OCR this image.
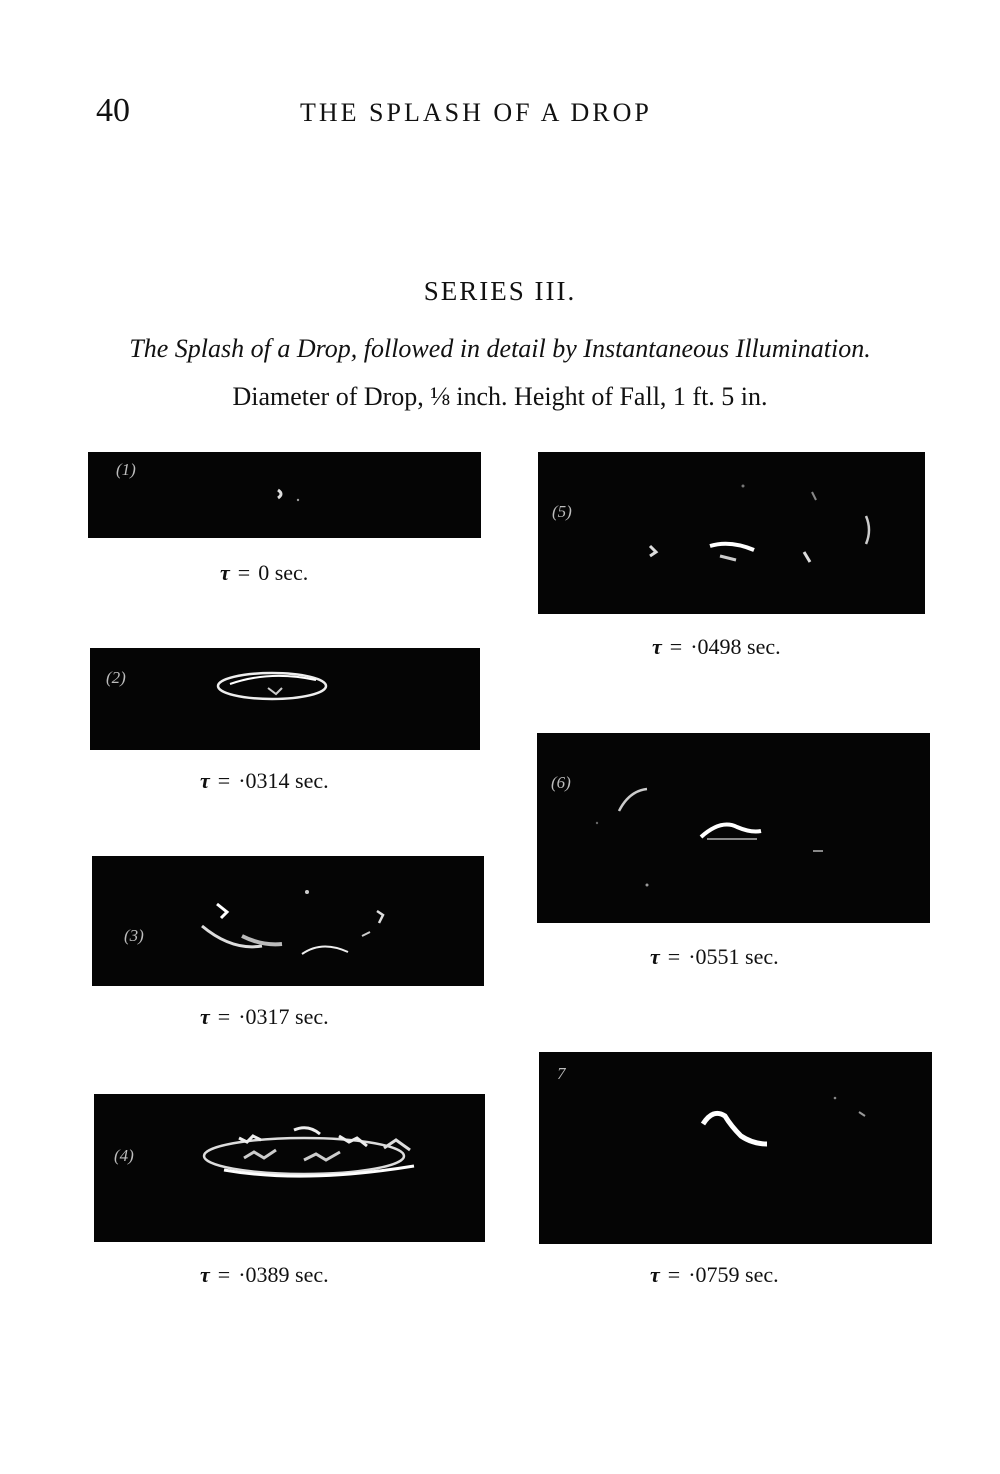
40	THE SPLASH OF A DROP
SERIES III.
The Splash of a Drop, followed in detail by Instantaneous Illumination.
Diameter of Drop, ⅛ inch. Height of Fall, 1 ft. 5 in.
(1)
τ = 0 sec.
(2)
τ = ·0314 sec.
(3)
τ = ·0317 sec.
(4)
τ = ·0389 sec.
(5)
τ = ·0498 sec.
(6)
τ = ·0551 sec.
7
τ = ·0759 sec.
